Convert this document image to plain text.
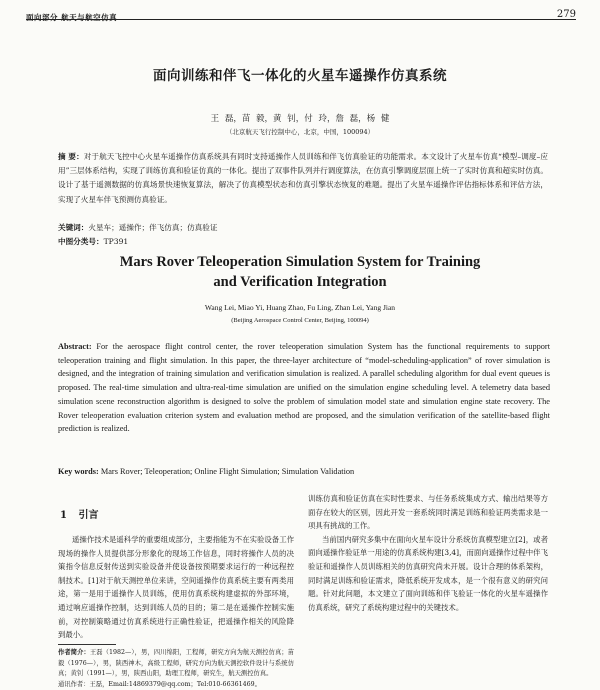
面向部分 航天与航空仿真	279
面向训练和伴飞一体化的火星车遥操作仿真系统
王 磊，苗 毅，黄 钊，付 玲，詹 磊，杨 健
（北京航天飞行控制中心，北京，中国，100094）
摘 要：对于航天飞控中心火星车遥操作仿真系统具有同时支持遥操作人员训练和伴飞仿真验证的功能需求。本文设计了火星车仿真“模型–调度–应用”三层体系结构，实现了训练仿真和验证仿真的一体化。提出了双事件队列并行调度算法，在仿真引擎调度层面上统一了实时仿真和超实时仿真。设计了基于遥测数据的仿真场景快速恢复算法，解决了仿真模型状态和仿真引擎状态恢复的难题。提出了火星车遥操作评估指标体系和评估方法，实现了火星车伴飞预测仿真验证。
关键词：火星车；遥操作；伴飞仿真；仿真验证
中图分类号：TP391
Mars Rover Teleoperation Simulation System for Training
and Verification Integration
Wang Lei, Miao Yi, Huang Zhao, Fu Ling, Zhan Lei, Yang Jian
(Beijing Aerospace Control Center, Beijing, 100094)
Abstract: For the aerospace flight control center, the rover teleoperation simulation System has the functional requirements to support teleoperation training and flight simulation. In this paper, the three-layer architecture of “model-scheduling-application” of rover simulation is designed, and the integration of training simulation and verification simulation is realized. A parallel scheduling algorithm for dual event queues is proposed. The real-time simulation and ultra-real-time simulation are unified on the simulation engine scheduling level. A telemetry data based simulation scene reconstruction algorithm is designed to solve the problem of simulation model state and simulation engine state recovery. The Rover teleoperation evaluation criterion system and evaluation method are proposed, and the simulation verification of the satellite-based flight prediction is realized.
Key words: Mars Rover; Teleoperation; Online Flight Simulation; Simulation Validation
1 引言

遥操作技术是遥科学的重要组成部分，主要指能为不在实验设备工作现场的操作人员提供部分形象化的现场工作信息，同时将操作人员的决策指令信息反射传送到实验设备并使设备按预期要求运行的一种远程控制技术。[1]对于航天测控单位来讲，空间遥操作仿真系统主要有两类用途，第一是用于遥操作人员训练，使用仿真系统构建虚拟的外部环境，通过响应遥操作控制，达到训练人员的目的；第二是在遥操作控制实施前，对控制策略通过仿真系统进行正确性验证，把遥操作相关的风险降到最小。

作者简介：王磊（1982—），男，四川绵阳，工程师，研究方向为航天测控仿真；苗毅（1976—），男，陕西神木，高级工程师，研究方向为航天测控软件设计与系统仿真；黄钊（1991—），男，陕西山阳，助理工程师，研究生，航天测控仿真。

通讯作者：王磊，Email:14869379@qq.com；Tel:010-66361469。

训练仿真和验证仿真在实时性要求、与任务系统集成方式、输出结果等方面存在较大的区别，因此开发一套系统同时满足训练和验证两类需求是一项具有挑战的工作。

当前国内研究多集中在面向火星车设计分系统仿真模型建立[2]，或者面向遥操作验证单一用途的仿真系统构建[3,4]，而面向遥操作过程中伴飞验证和遥操作人员训练相关的仿真研究尚未开展。设计合理的体系架构，同时满足训练和验证需求，降低系统开发成本，是一个很有意义的研究问题。针对此问题，本文建立了面向训练和伴飞验证一体化的火星车遥操作仿真系统，研究了系统构建过程中的关键技术。
